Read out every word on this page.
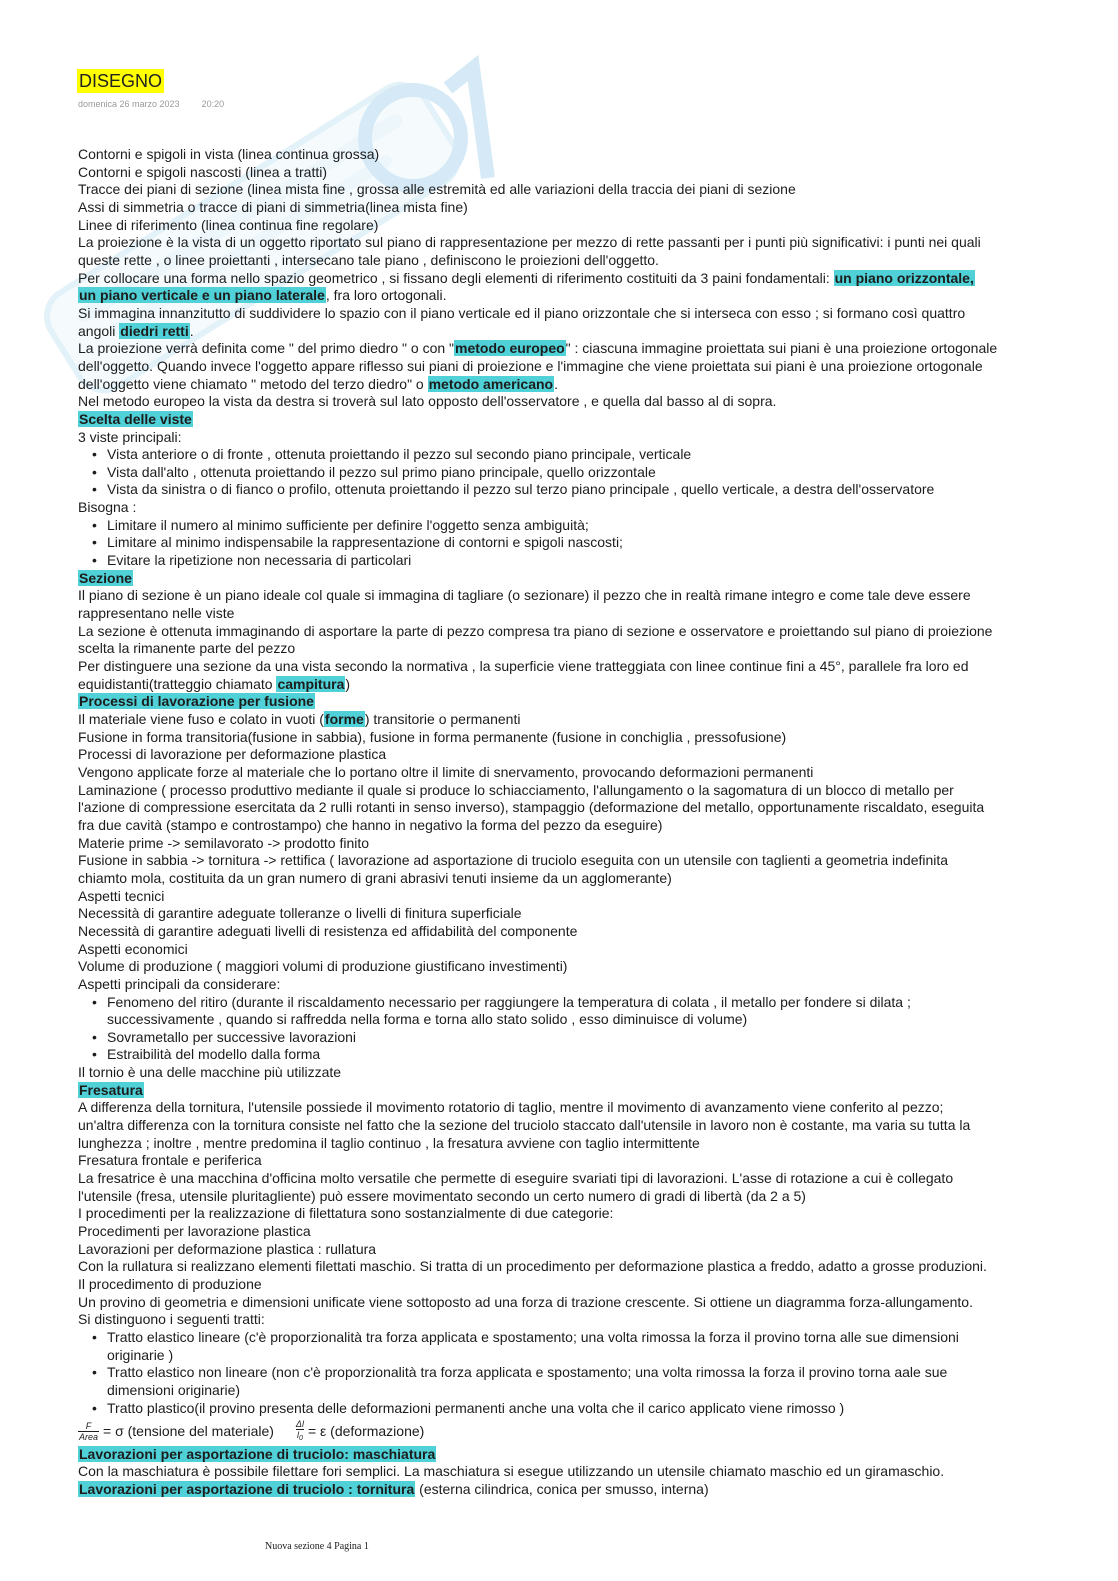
DISEGNO
domenica 26 marzo 2023 20:20
Contorni e spigoli in vista (linea continua grossa)
Contorni e spigoli nascosti (linea a tratti)
Tracce dei piani di sezione (linea mista fine , grossa alle estremità ed alle variazioni della traccia dei piani di sezione
Assi di simmetria o tracce di piani di simmetria(linea mista fine)
Linee di riferimento (linea continua fine regolare)
La proiezione è la vista di un oggetto riportato sul piano di rappresentazione per mezzo di rette passanti per i punti più significativi: i punti nei quali
queste rette , o linee proiettanti , intersecano tale piano , definiscono le proiezioni dell'oggetto.
Per collocare una forma nello spazio geometrico , si fissano degli elementi di riferimento costituiti da 3 paini fondamentali: un piano orizzontale,
un piano verticale e un piano laterale, fra loro ortogonali.
Si immagina innanzitutto di suddividere lo spazio con il piano verticale ed il piano orizzontale che si interseca con esso ; si formano così quattro
angoli diedri retti.
La proiezione verrà definita come " del primo diedro " o con "metodo europeo" : ciascuna immagine proiettata sui piani è una proiezione ortogonale
dell'oggetto. Quando invece l'oggetto appare riflesso sui piani di proiezione e l'immagine che viene proiettata sui piani è una proiezione ortogonale
dell'oggetto viene chiamato " metodo del terzo diedro" o metodo americano.
Nel metodo europeo la vista da destra si troverà sul lato opposto dell'osservatore , e quella dal basso al di sopra.
Scelta delle viste
3 viste principali:
• Vista anteriore o di fronte , ottenuta proiettando il pezzo sul secondo piano principale, verticale
• Vista dall'alto , ottenuta proiettando il pezzo sul primo piano principale, quello orizzontale
• Vista da sinistra o di fianco o profilo, ottenuta proiettando il pezzo sul terzo piano principale , quello verticale, a destra dell'osservatore
Bisogna :
• Limitare il numero al minimo sufficiente per definire l'oggetto senza ambiguità;
• Limitare al minimo indispensabile la rappresentazione di contorni e spigoli nascosti;
• Evitare la ripetizione non necessaria di particolari
Sezione
Il piano di sezione è un piano ideale col quale si immagina di tagliare (o sezionare) il pezzo che in realtà rimane integro e come tale deve essere
rappresentano nelle viste
La sezione è ottenuta immaginando di asportare la parte di pezzo compresa tra piano di sezione e osservatore e proiettando sul piano di proiezione
scelta la rimanente parte del pezzo
Per distinguere una sezione da una vista secondo la normativa , la superficie viene tratteggiata con linee continue fini a 45°, parallele fra loro ed
equidistanti(tratteggio chiamato campitura)
Processi di lavorazione per fusione
Il materiale viene fuso e colato in vuoti (forme) transitorie o permanenti
Fusione in forma transitoria(fusione in sabbia), fusione in forma permanente (fusione in conchiglia , pressofusione)
Processi di lavorazione per deformazione plastica
Vengono applicate forze al materiale che lo portano oltre il limite di snervamento, provocando deformazioni permanenti
Laminazione ( processo produttivo mediante il quale si produce lo schiacciamento, l'allungamento o la sagomatura di un blocco di metallo per
l'azione di compressione esercitata da 2 rulli rotanti in senso inverso), stampaggio (deformazione del metallo, opportunamente riscaldato, eseguita
fra due cavità (stampo e controstampo) che hanno in negativo la forma del pezzo da eseguire)
Materie prime -> semilavorato -> prodotto finito
Fusione in sabbia -> tornitura -> rettifica ( lavorazione ad asportazione di truciolo eseguita con un utensile con taglienti a geometria indefinita
chiamto mola, costituita da un gran numero di grani abrasivi tenuti insieme da un agglomerante)
Aspetti tecnici
Necessità di garantire adeguate tolleranze o livelli di finitura superficiale
Necessità di garantire adeguati livelli di resistenza ed affidabilità del componente
Aspetti economici
Volume di produzione ( maggiori volumi di produzione giustificano investimenti)
Aspetti principali da considerare:
• Fenomeno del ritiro (durante il riscaldamento necessario per raggiungere la temperatura di colata , il metallo per fondere si dilata ;
successivamente , quando si raffredda nella forma e torna allo stato solido , esso diminuisce di volume)
• Sovrametallo per successive lavorazioni
• Estraibilità del modello dalla forma
Il tornio è una delle macchine più utilizzate
Fresatura
A differenza della tornitura, l'utensile possiede il movimento rotatorio di taglio, mentre il movimento di avanzamento viene conferito al pezzo;
un'altra differenza con la tornitura consiste nel fatto che la sezione del truciolo staccato dall'utensile in lavoro non è costante, ma varia su tutta la
lunghezza ; inoltre , mentre predomina il taglio continuo , la fresatura avviene con taglio intermittente
Fresatura frontale e periferica
La fresatrice è una macchina d'officina molto versatile che permette di eseguire svariati tipi di lavorazioni. L'asse di rotazione a cui è collegato
l'utensile (fresa, utensile pluritagliente) può essere movimentato secondo un certo numero di gradi di libertà (da 2 a 5)
I procedimenti per la realizzazione di filettatura sono sostanzialmente di due categorie:
Procedimenti per lavorazione plastica
Lavorazioni per deformazione plastica : rullatura
Con la rullatura si realizzano elementi filettati maschio. Si tratta di un procedimento per deformazione plastica a freddo, adatto a grosse produzioni.
Il procedimento di produzione
Un provino di geometria e dimensioni unificate viene sottoposto ad una forza di trazione crescente. Si ottiene un diagramma forza-allungamento.
Si distinguono i seguenti tratti:
• Tratto elastico lineare (c'è proporzionalità tra forza applicata e spostamento; una volta rimossa la forza il provino torna alle sue dimensioni
originarie )
• Tratto elastico non lineare (non c'è proporzionalità tra forza applicata e spostamento; una volta rimossa la forza il provino torna aale sue
dimensioni originarie)
• Tratto plastico(il provino presenta delle deformazioni permanenti anche una volta che il carico applicato viene rimosso )
$\frac{F}{\text{Area}} = \sigma$ (tensione del materiale) $\frac{\Delta l}{l_0} = \varepsilon$ (deformazione)
Lavorazioni per asportazione di truciolo: maschiatura
Con la maschiatura è possibile filettare fori semplici. La maschiatura si esegue utilizzando un utensile chiamato maschio ed un giramaschio.
Lavorazioni per asportazione di truciolo : tornitura (esterna cilindrica, conica per smusso, interna)
Nuova sezione 4 Pagina 1
